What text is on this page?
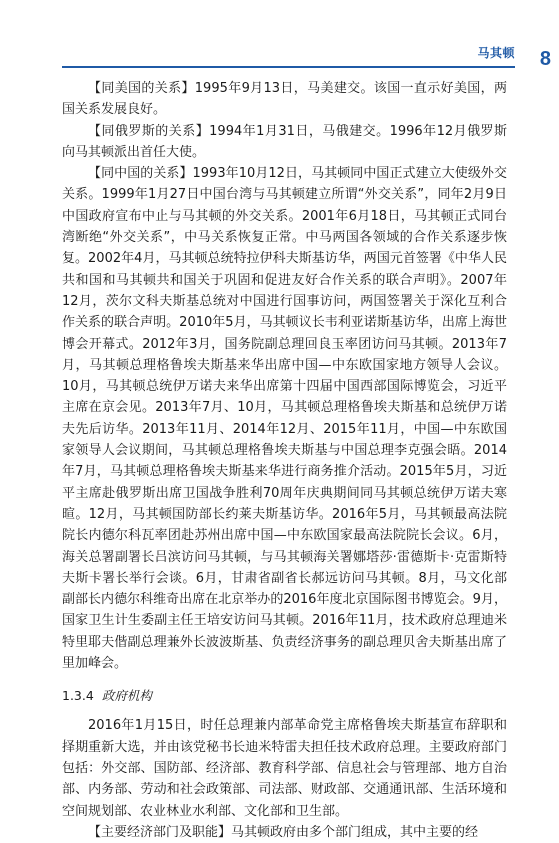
马其顿 8

【同美国的关系】1995年9月13日，马美建交。该国一直示好美国，两国关系发展良好。

【同俄罗斯的关系】1994年1月31日，马俄建交。1996年12月俄罗斯向马其顿派出首任大使。

【同中国的关系】1993年10月12日，马其顿同中国正式建立大使级外交关系。1999年1月27日中国台湾与马其顿建立所谓“外交关系”，同年2月9日中国政府宣布中止与马其顿的外交关系。2001年6月18日，马其顿正式同台湾断绝“外交关系”，中马关系恢复正常。中马两国各领域的合作关系逐步恢复。2002年4月，马其顿总统特拉伊科夫斯基访华，两国元首签署《中华人民共和国和马其顿共和国关于巩固和促进友好合作关系的联合声明》。2007年12月，茨尔文科夫斯基总统对中国进行国事访问，两国签署关于深化互利合作关系的联合声明。2010年5月，马其顿议长韦利亚诺斯基访华，出席上海世博会开幕式。2012年3月，国务院副总理回良玉率团访问马其顿。2013年7月，马其顿总理格鲁埃夫斯基来华出席中国—中东欧国家地方领导人会议。10月，马其顿总统伊万诺夫来华出席第十四届中国西部国际博览会，习近平主席在京会见。2013年7月、10月，马其顿总理格鲁埃夫斯基和总统伊万诺夫先后访华。2013年11月、2014年12月、2015年11月，中国—中东欧国家领导人会议期间，马其顿总理格鲁埃夫斯基与中国总理李克强会晤。2014年7月，马其顿总理格鲁埃夫斯基来华进行商务推介活动。2015年5月，习近平主席赴俄罗斯出席卫国战争胜利70周年庆典期间同马其顿总统伊万诺夫寒暄。12月，马其顿国防部长约莱夫斯基访华。2016年5月，马其顿最高法院院长内德尔科瓦率团赴苏州出席中国—中东欧国家最高法院院长会议。6月，海关总署副署长吕滨访问马其顿，与马其顿海关署娜塔莎·雷德斯卡·克雷斯特夫斯卡署长举行会谈。6月，甘肃省副省长郝远访问马其顿。8月，马文化部副部长内德尔科维奇出席在北京举办的2016年度北京国际图书博览会。9月，国家卫生计生委副主任王培安访问马其顿。2016年11月，技术政府总理迪米特里耶夫偕副总理兼外长波波斯基、负责经济事务的副总理贝舍夫斯基出席了里加峰会。

1.3.4 政府机构

2016年1月15日，时任总理兼内部革命党主席格鲁埃夫斯基宣布辞职和择期重新大选，并由该党秘书长迪米特雷夫担任技术政府总理。主要政府部门包括：外交部、国防部、经济部、教育科学部、信息社会与管理部、地方自治部、内务部、劳动和社会政策部、司法部、财政部、交通通讯部、生活环境和空间规划部、农业林业水利部、文化部和卫生部。

【主要经济部门及职能】马其顿政府由多个部门组成，其中主要的经
